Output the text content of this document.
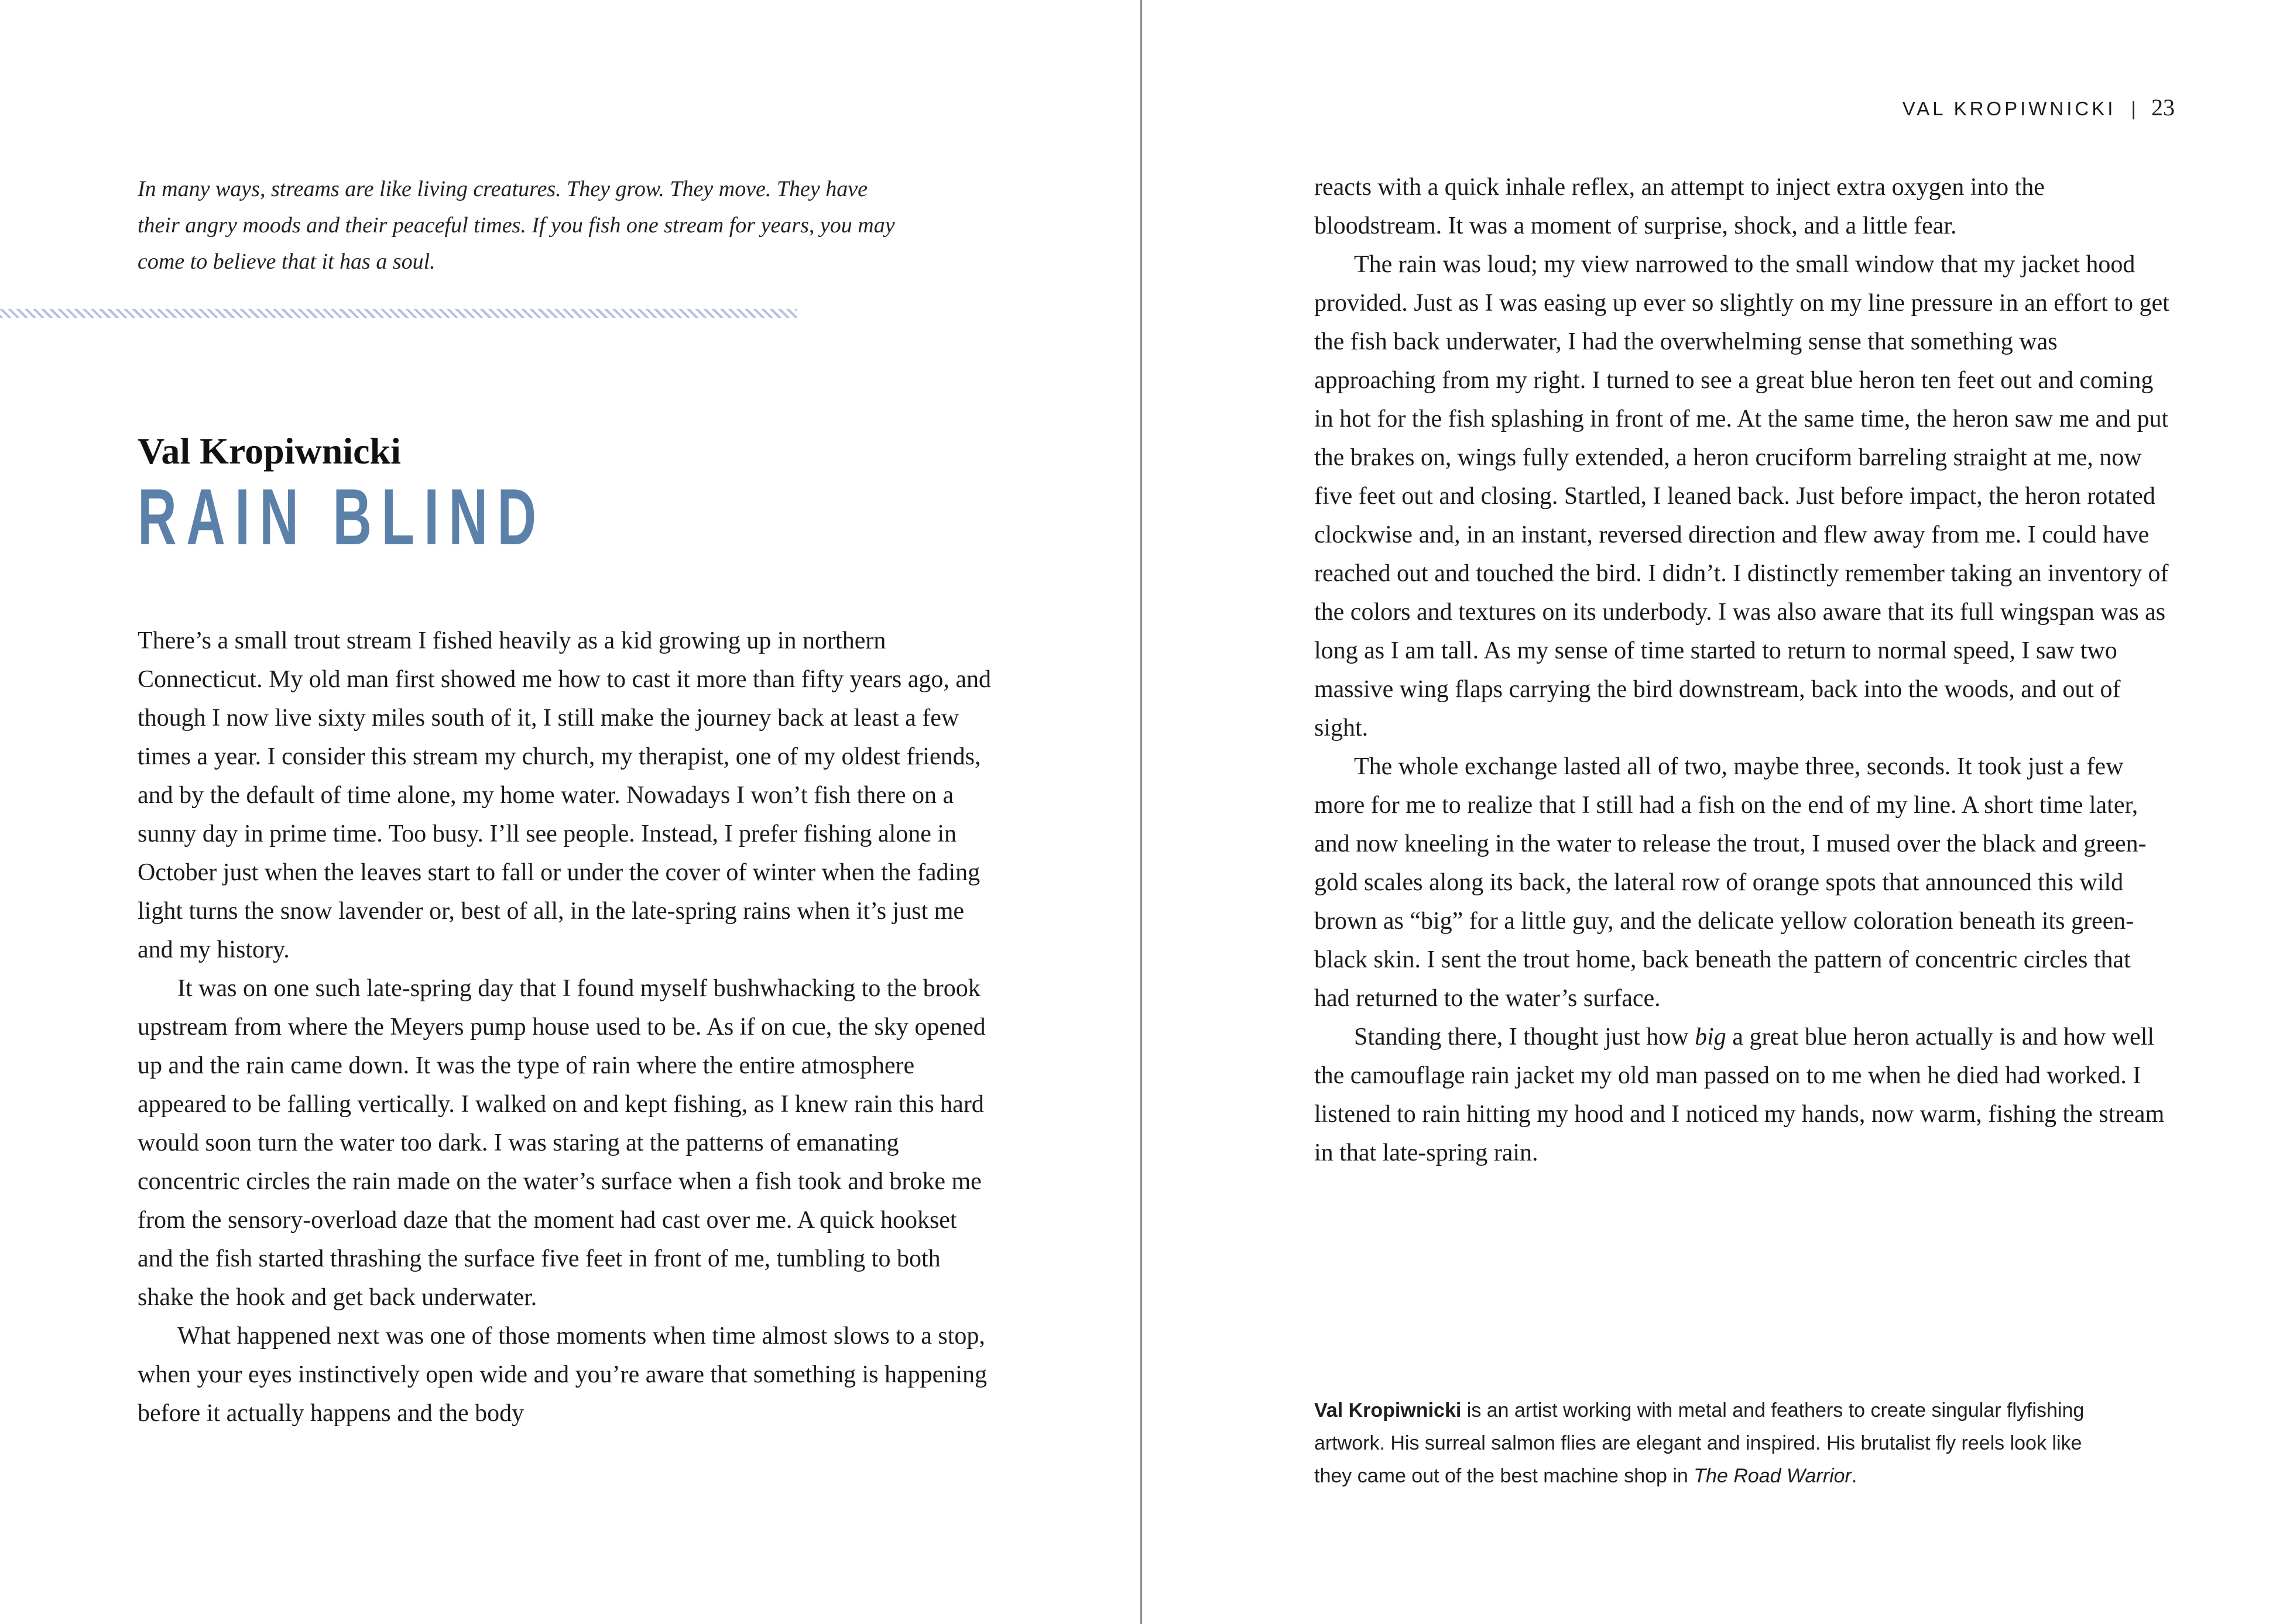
In many ways, streams are like living creatures. They grow. They move. They have their angry moods and their peaceful times. If you fish one stream for years, you may come to believe that it has a soul.

Val Kropiwnicki
RAIN BLIND

There’s a small trout stream I fished heavily as a kid growing up in northern Connecticut. My old man first showed me how to cast it more than fifty years ago, and though I now live sixty miles south of it, I still make the journey back at least a few times a year. I consider this stream my church, my therapist, one of my oldest friends, and by the default of time alone, my home water. Nowadays I won’t fish there on a sunny day in prime time. Too busy. I’ll see people. Instead, I prefer fishing alone in October just when the leaves start to fall or under the cover of winter when the fading light turns the snow lavender or, best of all, in the late-spring rains when it’s just me and my history.

It was on one such late-spring day that I found myself bushwhacking to the brook upstream from where the Meyers pump house used to be. As if on cue, the sky opened up and the rain came down. It was the type of rain where the entire atmosphere appeared to be falling vertically. I walked on and kept fishing, as I knew rain this hard would soon turn the water too dark. I was staring at the patterns of emanating concentric circles the rain made on the water’s surface when a fish took and broke me from the sensory-overload daze that the moment had cast over me. A quick hookset and the fish started thrashing the surface five feet in front of me, tumbling to both shake the hook and get back underwater.

What happened next was one of those moments when time almost slows to a stop, when your eyes instinctively open wide and you’re aware that something is happening before it actually happens and the body

VAL KROPIWNICKI | 23

reacts with a quick inhale reflex, an attempt to inject extra oxygen into the bloodstream. It was a moment of surprise, shock, and a little fear.

The rain was loud; my view narrowed to the small window that my jacket hood provided. Just as I was easing up ever so slightly on my line pressure in an effort to get the fish back underwater, I had the overwhelming sense that something was approaching from my right. I turned to see a great blue heron ten feet out and coming in hot for the fish splashing in front of me. At the same time, the heron saw me and put the brakes on, wings fully extended, a heron cruciform barreling straight at me, now five feet out and closing. Startled, I leaned back. Just before impact, the heron rotated clockwise and, in an instant, reversed direction and flew away from me. I could have reached out and touched the bird. I didn’t. I distinctly remember taking an inventory of the colors and textures on its underbody. I was also aware that its full wingspan was as long as I am tall. As my sense of time started to return to normal speed, I saw two massive wing flaps carrying the bird downstream, back into the woods, and out of sight.

The whole exchange lasted all of two, maybe three, seconds. It took just a few more for me to realize that I still had a fish on the end of my line. A short time later, and now kneeling in the water to release the trout, I mused over the black and green-gold scales along its back, the lateral row of orange spots that announced this wild brown as “big” for a little guy, and the delicate yellow coloration beneath its green-black skin. I sent the trout home, back beneath the pattern of concentric circles that had returned to the water’s surface.

Standing there, I thought just how big a great blue heron actually is and how well the camouflage rain jacket my old man passed on to me when he died had worked. I listened to rain hitting my hood and I noticed my hands, now warm, fishing the stream in that late-spring rain.

Val Kropiwnicki is an artist working with metal and feathers to create singular flyfishing artwork. His surreal salmon flies are elegant and inspired. His brutalist fly reels look like they came out of the best machine shop in The Road Warrior.
